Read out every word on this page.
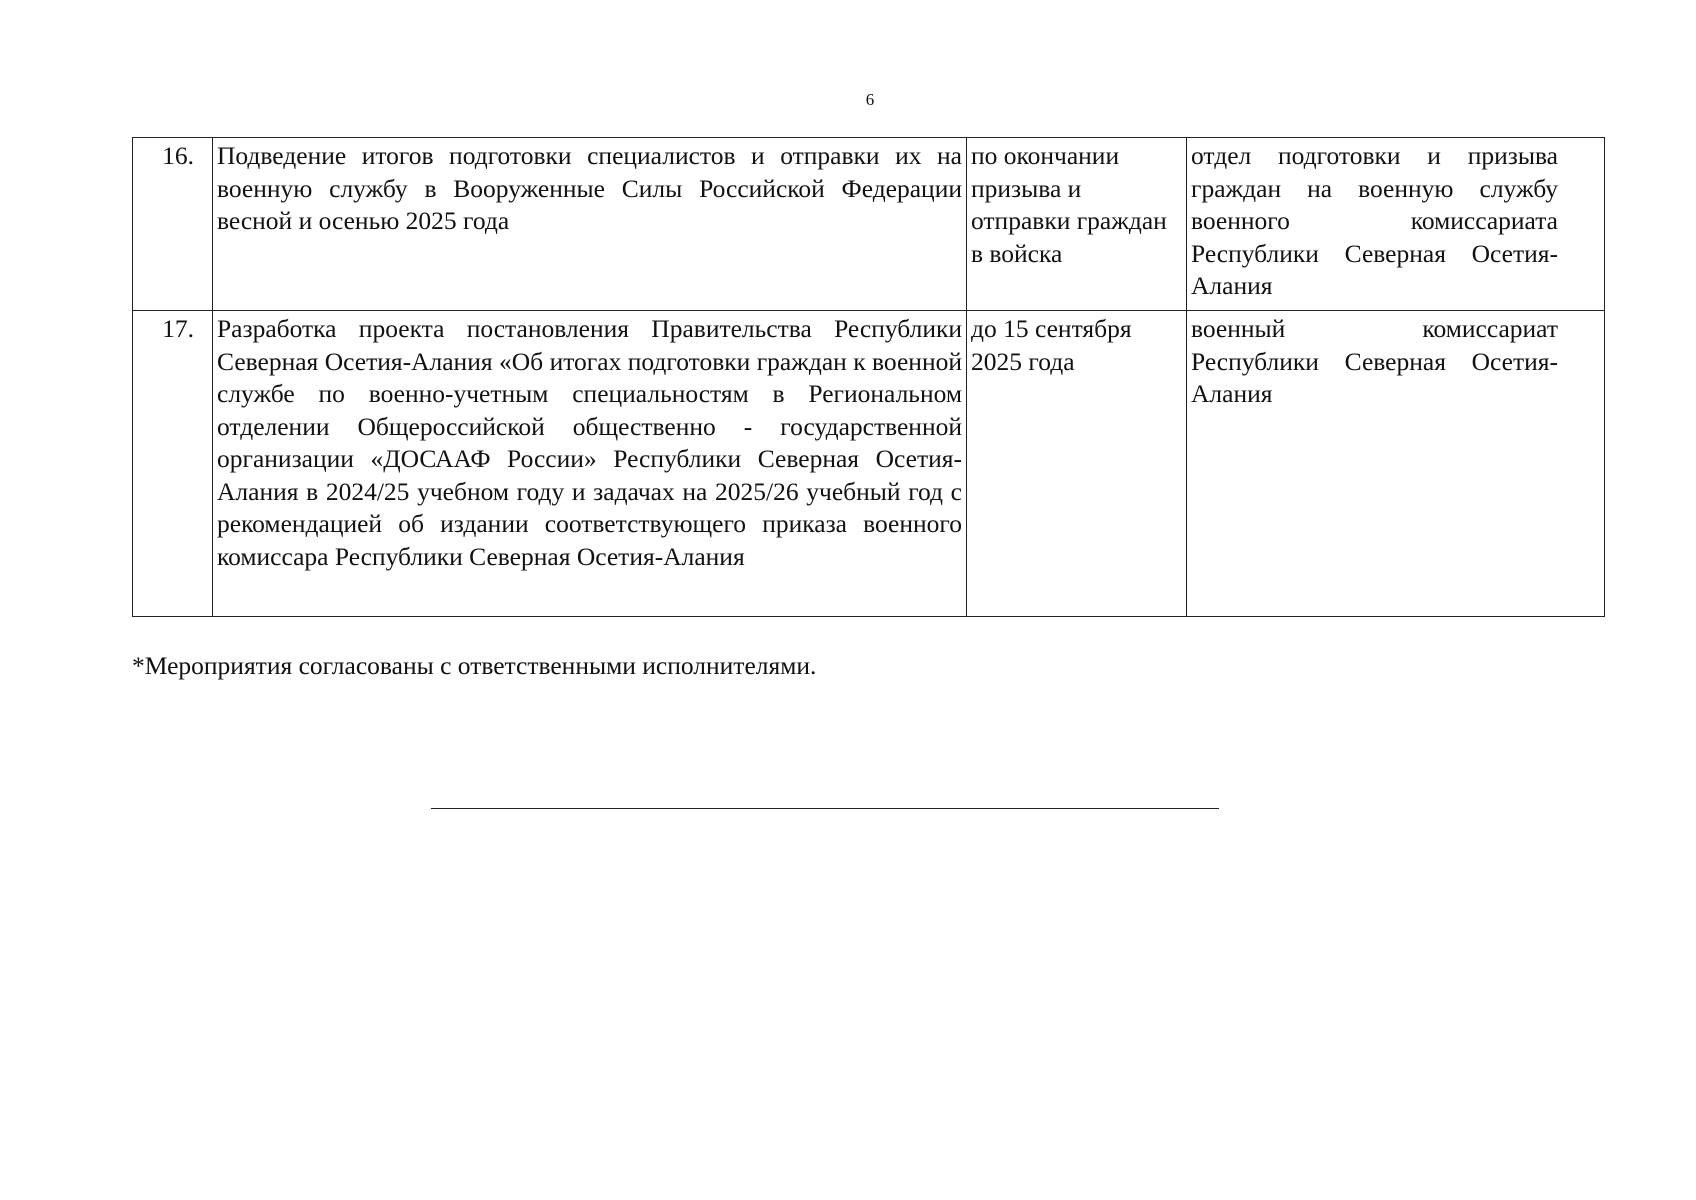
6
16.	Подведение итогов подготовки специалистов и отправки их на военную службу в Вооруженные Силы Российской Федерации весной и осенью 2025 года	по окончании призыва и отправки граждан в войска	отдел подготовки и призыва граждан на военную службу военного комиссариата Республики Северная Осетия-Алания
17.	Разработка проекта постановления Правительства Республики Северная Осетия-Алания «Об итогах подготовки граждан к военной службе по военно-учетным специальностям в Региональном отделении Общероссийской общественно - государственной организации «ДОСААФ России» Республики Северная Осетия-Алания в 2024/25 учебном году и задачах на 2025/26 учебный год с рекомендацией об издании соответствующего приказа военного комиссара Республики Северная Осетия-Алания	до 15 сентября 2025 года	военный комиссариат Республики Северная Осетия-Алания
*Мероприятия согласованы с ответственными исполнителями.
